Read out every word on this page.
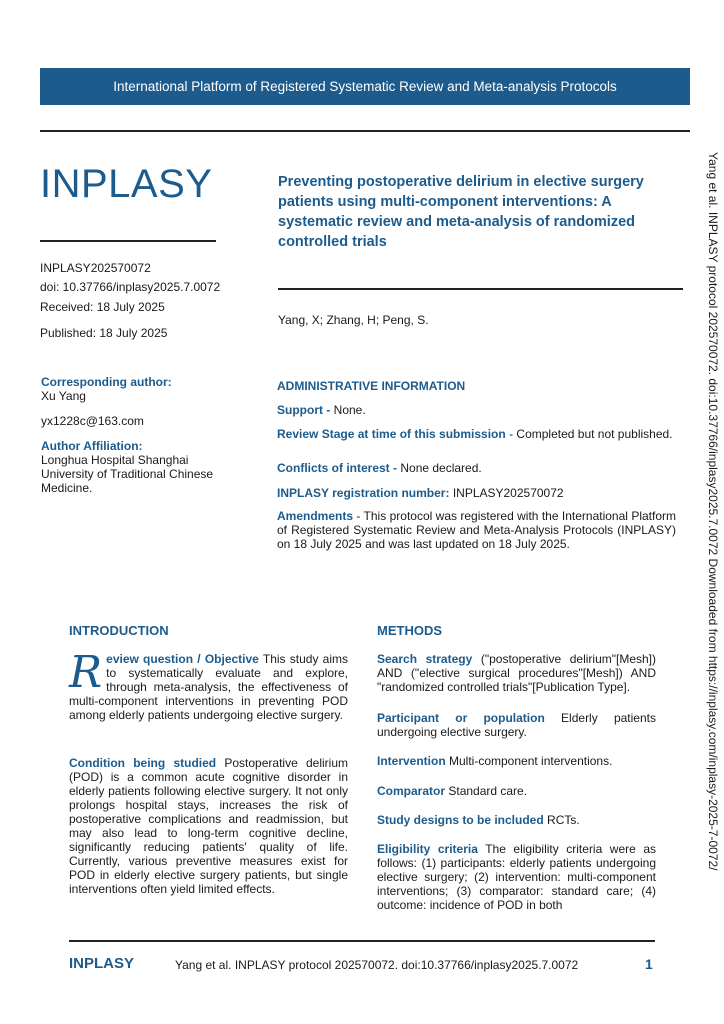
International Platform of Registered Systematic Review and Meta-analysis Protocols
INPLASY
INPLASY202570072
doi: 10.37766/inplasy2025.7.0072
Received: 18 July 2025
Published: 18 July 2025
Preventing postoperative delirium in elective surgery patients using multi-component interventions: A systematic review and meta-analysis of randomized controlled trials
Yang, X; Zhang, H; Peng, S.
Corresponding author:
Xu Yang
yx1228c@163.com
Author Affiliation:
Longhua Hospital Shanghai University of Traditional Chinese Medicine.
ADMINISTRATIVE INFORMATION
Support - None.
Review Stage at time of this submission - Completed but not published.
Conflicts of interest - None declared.
INPLASY registration number: INPLASY202570072
Amendments - This protocol was registered with the International Platform of Registered Systematic Review and Meta-Analysis Protocols (INPLASY) on 18 July 2025 and was last updated on 18 July 2025.
INTRODUCTION
Review question / Objective This study aims to systematically evaluate and explore, through meta-analysis, the effectiveness of multi-component interventions in preventing POD among elderly patients undergoing elective surgery.
Condition being studied Postoperative delirium (POD) is a common acute cognitive disorder in elderly patients following elective surgery. It not only prolongs hospital stays, increases the risk of postoperative complications and readmission, but may also lead to long-term cognitive decline, significantly reducing patients' quality of life. Currently, various preventive measures exist for POD in elderly elective surgery patients, but single interventions often yield limited effects.
METHODS
Search strategy ("postoperative delirium"[Mesh]) AND ("elective surgical procedures"[Mesh]) AND "randomized controlled trials"[Publication Type].
Participant or population Elderly patients undergoing elective surgery.
Intervention Multi-component interventions.
Comparator Standard care.
Study designs to be included RCTs.
Eligibility criteria The eligibility criteria were as follows: (1) participants: elderly patients undergoing elective surgery; (2) intervention: multi-component interventions; (3) comparator: standard care; (4) outcome: incidence of POD in both
Yang et al. INPLASY protocol 202570072. doi:10.37766/inplasy2025.7.0072 Downloaded from https://inplasy.com/inplasy-2025-7-0072/
INPLASY	Yang et al. INPLASY protocol 202570072. doi:10.37766/inplasy2025.7.0072	1
